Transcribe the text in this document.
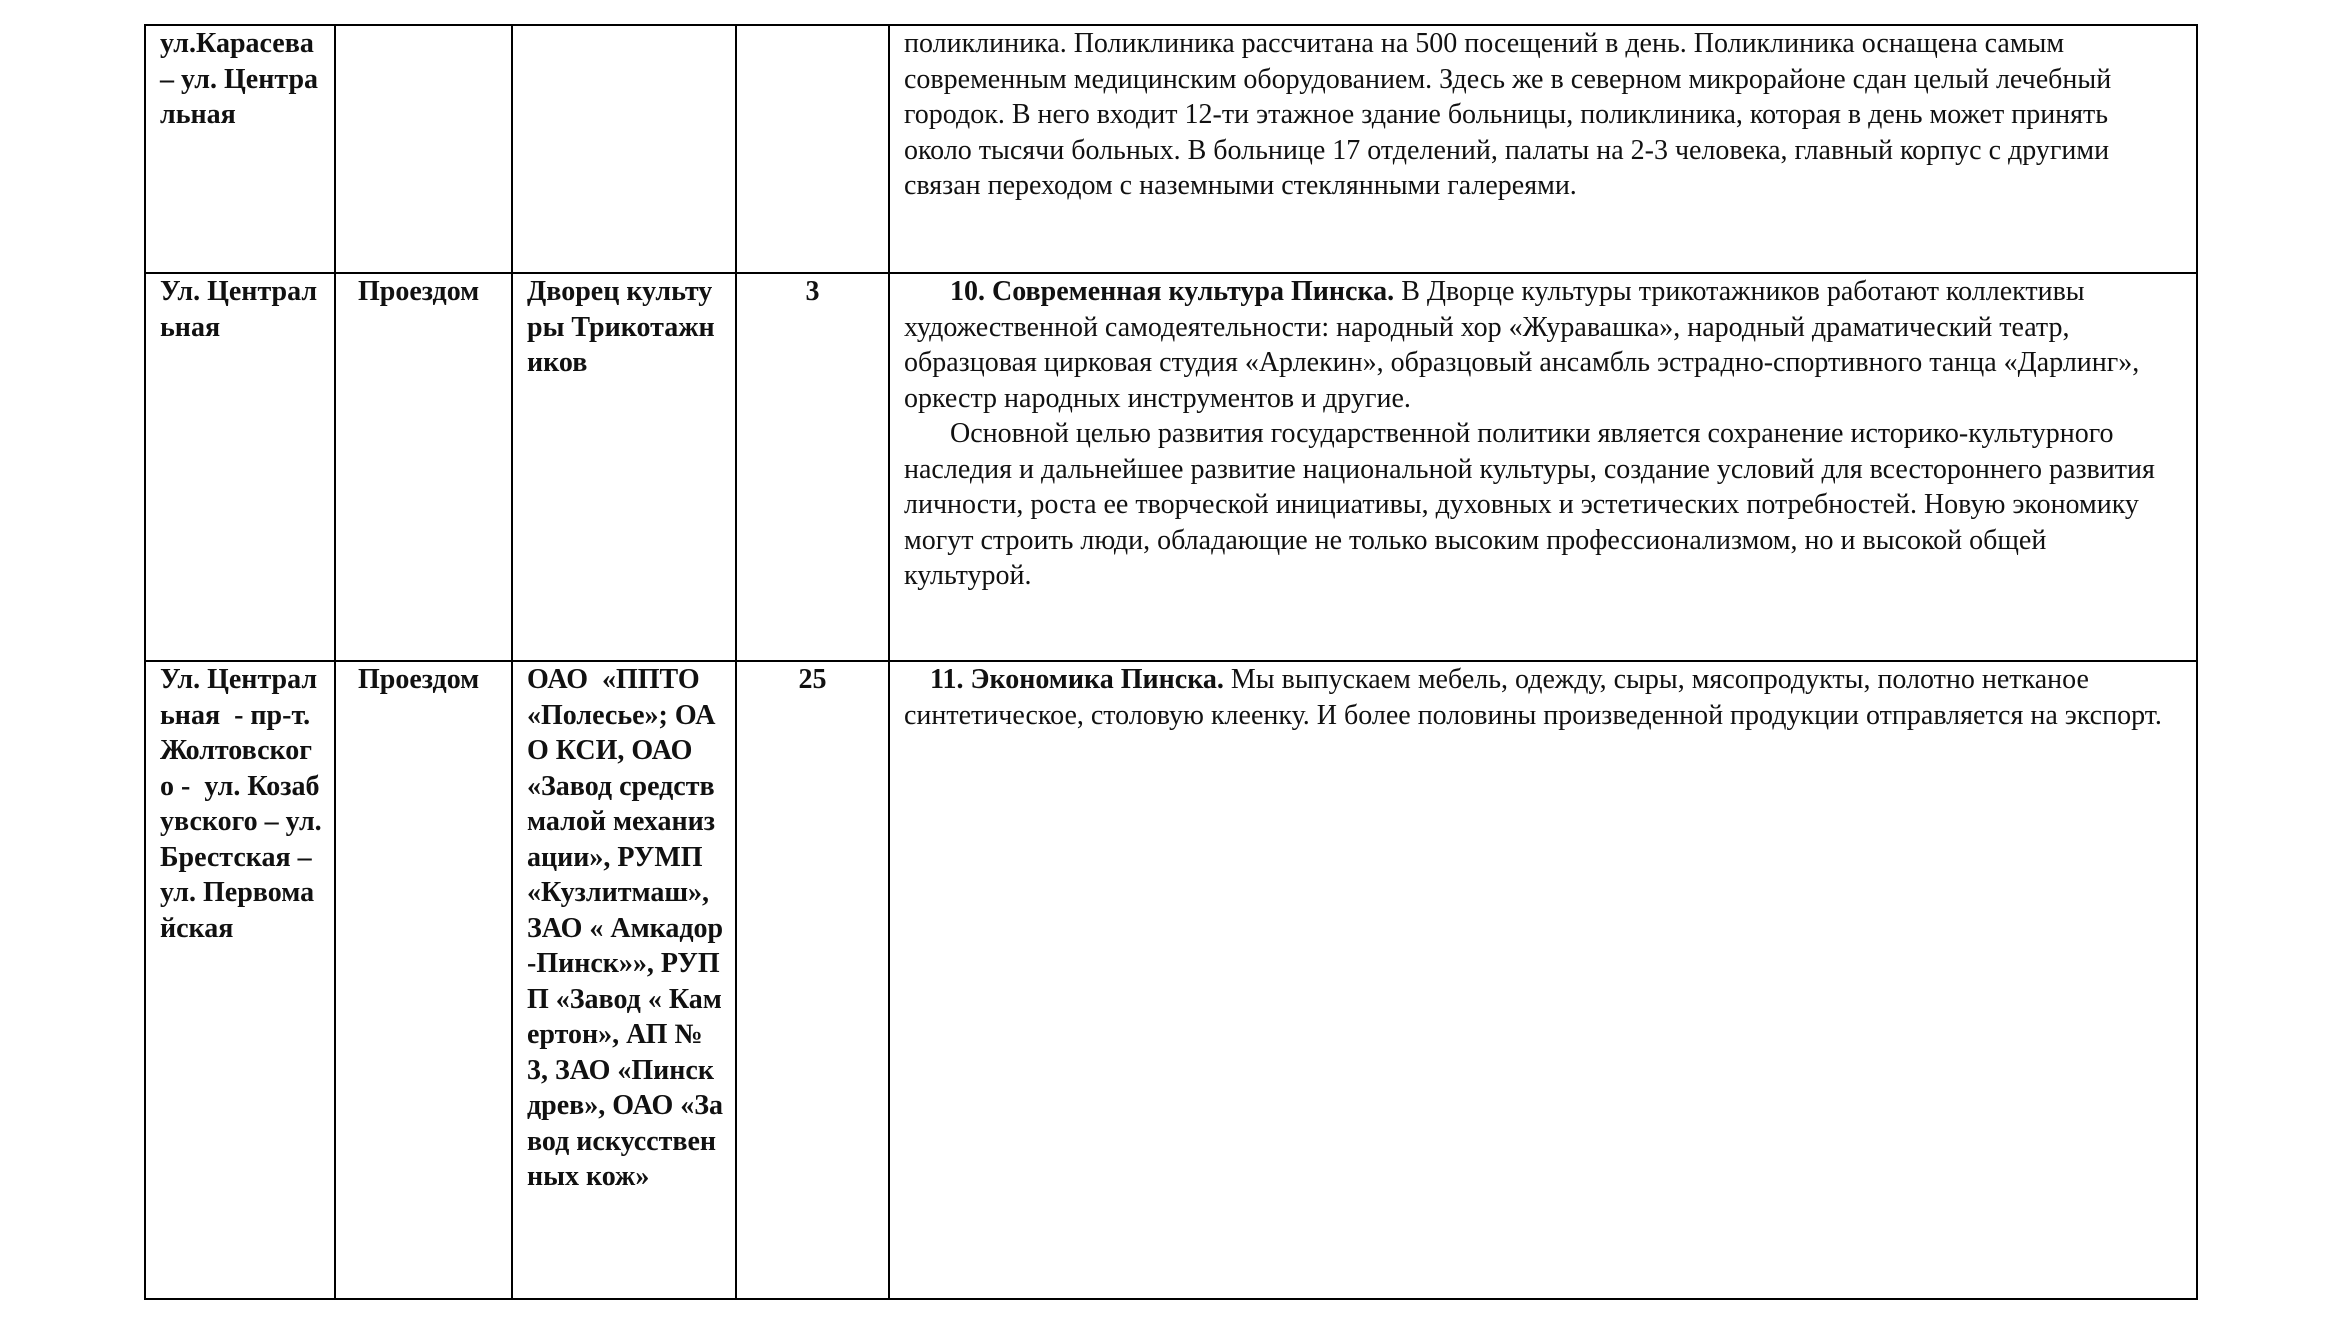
ул.Карасева – ул. Центральная				поликлиника. Поликлиника рассчитана на 500 посещений в день. Поликлиника оснащена самым современным медицинским оборудованием. Здесь же в северном микрорайоне сдан целый лечебный городок. В него входит 12-ти этажное здание больницы, поликлиника, которая в день может принять около тысячи больных. В больнице 17 отделений, палаты на 2-3 человека, главный корпус с другими связан переходом с наземными стеклянными галереями.

Ул. Центральная	Проездом	Дворец культуры Трикотажников	3	10. Современная культура Пинска. В Дворце культуры трикотажников работают коллективы художественной самодеятельности: народный хор «Журавашка», народный драматический театр, образцовая цирковая студия «Арлекин», образцовый ансамбль эстрадно-спортивного танца «Дарлинг», оркестр народных инструментов и другие.

Основной целью развития государственной политики является сохранение историко-культурного наследия и дальнейшее развитие национальной культуры, создание условий для всестороннего развития личности, роста ее творческой инициативы, духовных и эстетических потребностей. Новую экономику могут строить люди, обладающие не только высоким профессионализмом, но и высокой общей культурой.

Ул. Центральная  - пр-т. Жолтовского -  ул. Козабувского – ул. Брестская – ул. Первомайская	Проездом	ОАО  «ППТО «Полесье»; ОАО КСИ, ОАО «Завод средств малой механизации», РУМП «Кузлитмаш», ЗАО « Амкадор-Пинск»», РУПП «Завод « Камертон», АП № 3, ЗАО «Пинскдрев», ОАО «Завод искусственных кож»	25	11. Экономика Пинска. Мы выпускаем мебель, одежду, сыры, мясопродукты, полотно нетканое синтетическое, столовую клеенку. И более половины произведенной продукции отправляется на экспорт.
